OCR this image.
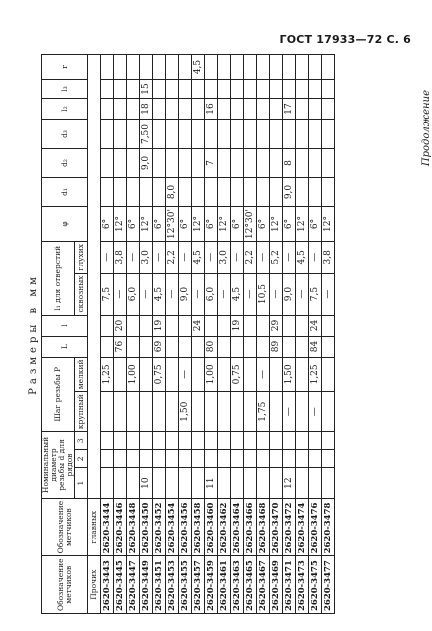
ГОСТ 17933—72 С. 6
Продолжение
Размеры в мм
Обозначение метчиков	Обозначение метчиков	Номинальный диаметр резьбы d для рядов			Шаг резьбы P		L	l	l₁ для отверстий		φ	d₁	d₂	d₃	l₂	l₃	r
		1	2	3	крупный	мелкий			сквозных	глухих							
Прочих	главных																
2620-3443	2620-3444					1,25			7,5	—	6°						
2620-3445	2620-3446						76	20	—	3,8	12°						
2620-3447	2620-3448					1,00			6,0	—	6°						
2620-3449	2620-3450	10							—	3,0	12°		9,0	7,50	18	15	
2620-3451	2620-3452					0,75	69	19	4,5	—	6°						
2620-3453	2620-3454								—	2,2	12°30'	8,0					
2620-3455	2620-3456				1,50	—			9,0	—	6°						
2620-3457	2620-3458							24	—	4,5	12°						4,5
2620-3459	2620-3460	11				1,00	80		6,0	—	6°		7		16		
2620-3461	2620-3462								—	3,0	12°						
2620-3463	2620-3464					0,75		19	4,5	—	6°						
2620-3465	2620-3466								—	2,2	12°30'						
2620-3467	2620-3468				1,75	—			10,5	—	6°						
2620-3469	2620-3470						89	29	—	5,2	12°						
2620-3471	2620-3472	12			—	1,50			9,0	—	6°	9,0	8		17		
2620-3473	2620-3474								—	4,5	12°						
2620-3475	2620-3476				—	1,25	84	24	7,5	—	6°						
2620-3477	2620-3478								—	3,8	12°						
